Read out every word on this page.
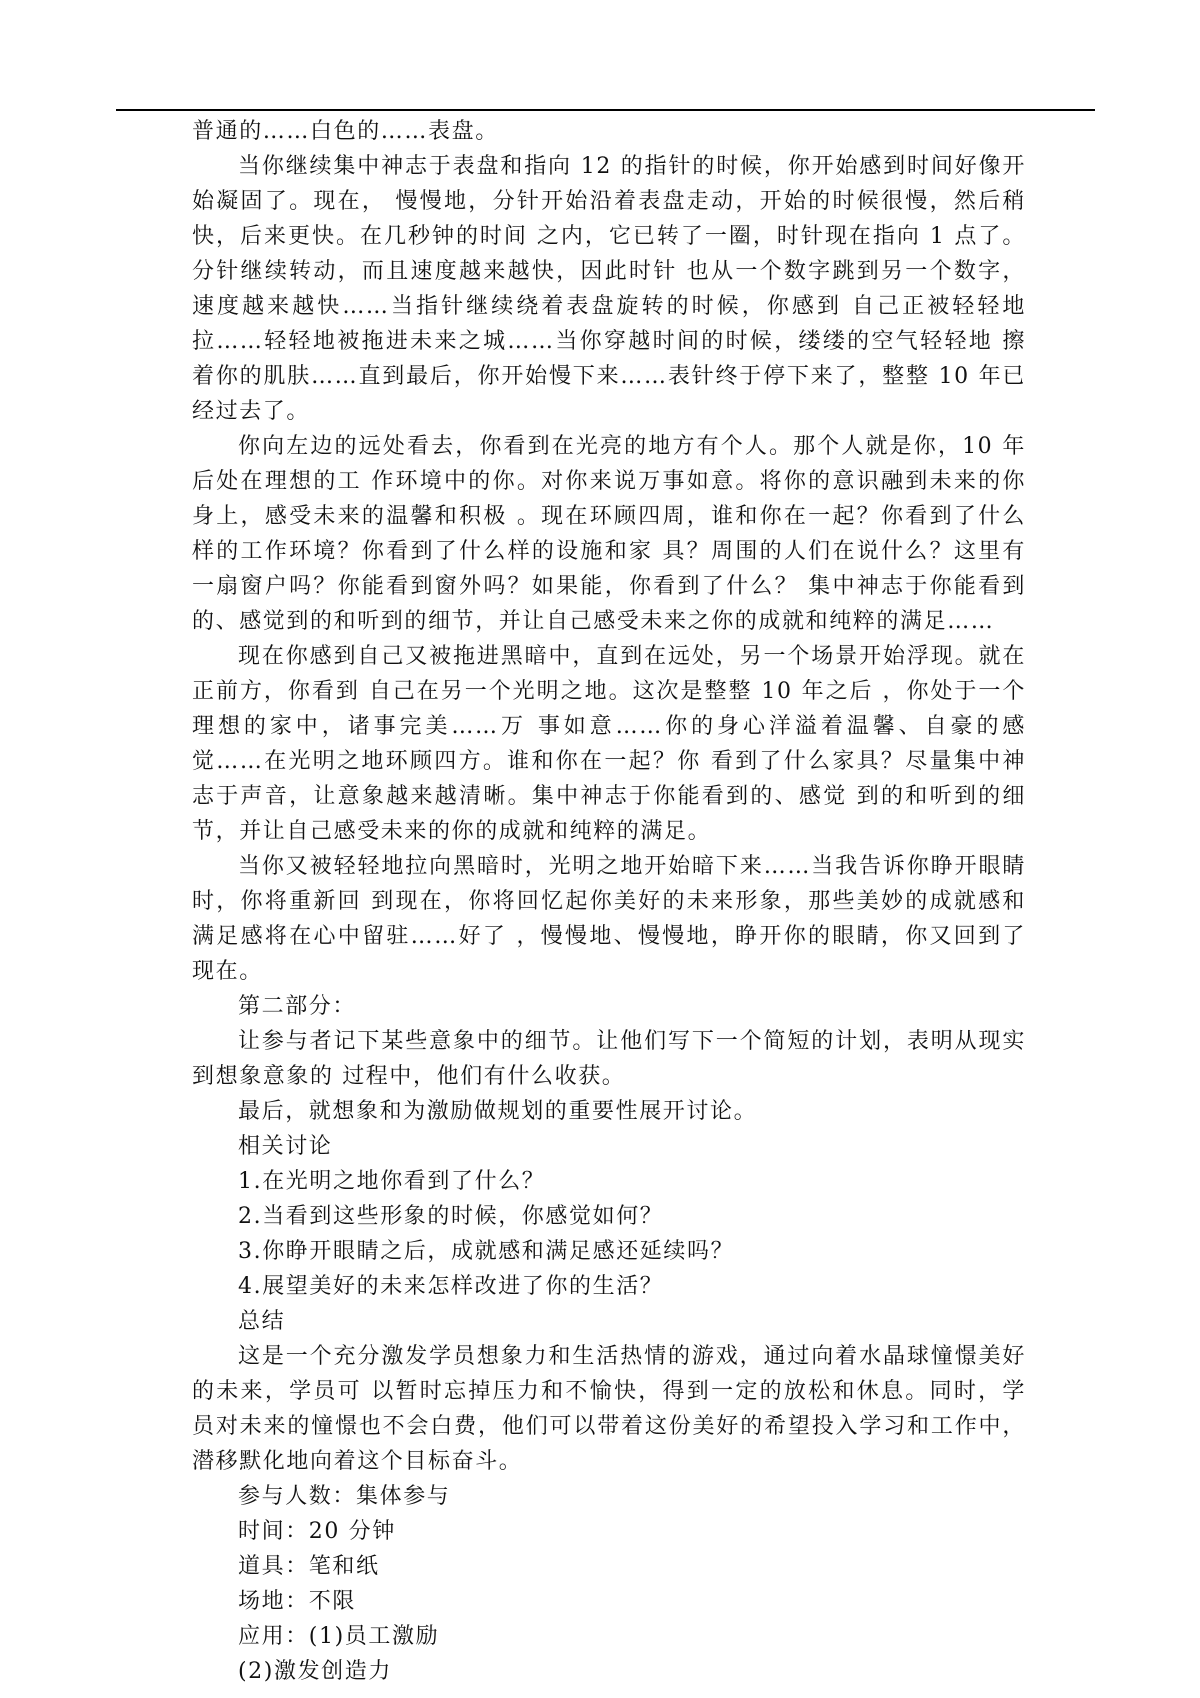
普通的……白色的……表盘。

当你继续集中神志于表盘和指向 12 的指针的时候，你开始感到时间好像开始凝固了。现在， 慢慢地，分针开始沿着表盘走动，开始的时候很慢，然后稍快，后来更快。在几秒钟的时间 之内，它已转了一圈，时针现在指向 1 点了。分针继续转动，而且速度越来越快，因此时针 也从一个数字跳到另一个数字，速度越来越快……当指针继续绕着表盘旋转的时候，你感到 自己正被轻轻地拉……轻轻地被拖进未来之城……当你穿越时间的时候，缕缕的空气轻轻地 擦着你的肌肤……直到最后，你开始慢下来……表针终于停下来了，整整 10 年已经过去了。

你向左边的远处看去，你看到在光亮的地方有个人。那个人就是你，10 年后处在理想的工 作环境中的你。对你来说万事如意。将你的意识融到未来的你身上，感受未来的温馨和积极 。现在环顾四周，谁和你在一起？你看到了什么样的工作环境？你看到了什么样的设施和家 具？周围的人们在说什么？这里有一扇窗户吗？你能看到窗外吗？如果能，你看到了什么？ 集中神志于你能看到的、感觉到的和听到的细节，并让自己感受未来之你的成就和纯粹的满足……

现在你感到自己又被拖进黑暗中，直到在远处，另一个场景开始浮现。就在正前方，你看到 自己在另一个光明之地。这次是整整 10 年之后 ，你处于一个理想的家中，诸事完美……万 事如意……你的身心洋溢着温馨、自豪的感觉……在光明之地环顾四方。谁和你在一起？你 看到了什么家具？尽量集中神志于声音，让意象越来越清晰。集中神志于你能看到的、感觉 到的和听到的细节，并让自己感受未来的你的成就和纯粹的满足。

当你又被轻轻地拉向黑暗时，光明之地开始暗下来……当我告诉你睁开眼睛时，你将重新回 到现在，你将回忆起你美好的未来形象，那些美妙的成就感和满足感将在心中留驻……好了 ，慢慢地、慢慢地，睁开你的眼睛，你又回到了现在。

第二部分：

让参与者记下某些意象中的细节。让他们写下一个简短的计划，表明从现实到想象意象的 过程中，他们有什么收获。

最后，就想象和为激励做规划的重要性展开讨论。

相关讨论

1.在光明之地你看到了什么？

2.当看到这些形象的时候，你感觉如何？

3.你睁开眼睛之后，成就感和满足感还延续吗？

4.展望美好的未来怎样改进了你的生活？

总结

这是一个充分激发学员想象力和生活热情的游戏，通过向着水晶球憧憬美好的未来，学员可 以暂时忘掉压力和不愉快，得到一定的放松和休息。同时，学员对未来的憧憬也不会白费，他们可以带着这份美好的希望投入学习和工作中，潜移默化地向着这个目标奋斗。

参与人数：集体参与

时间：20 分钟

道具：笔和纸

场地：不限

应用：(1)员工激励

(2)激发创造力
